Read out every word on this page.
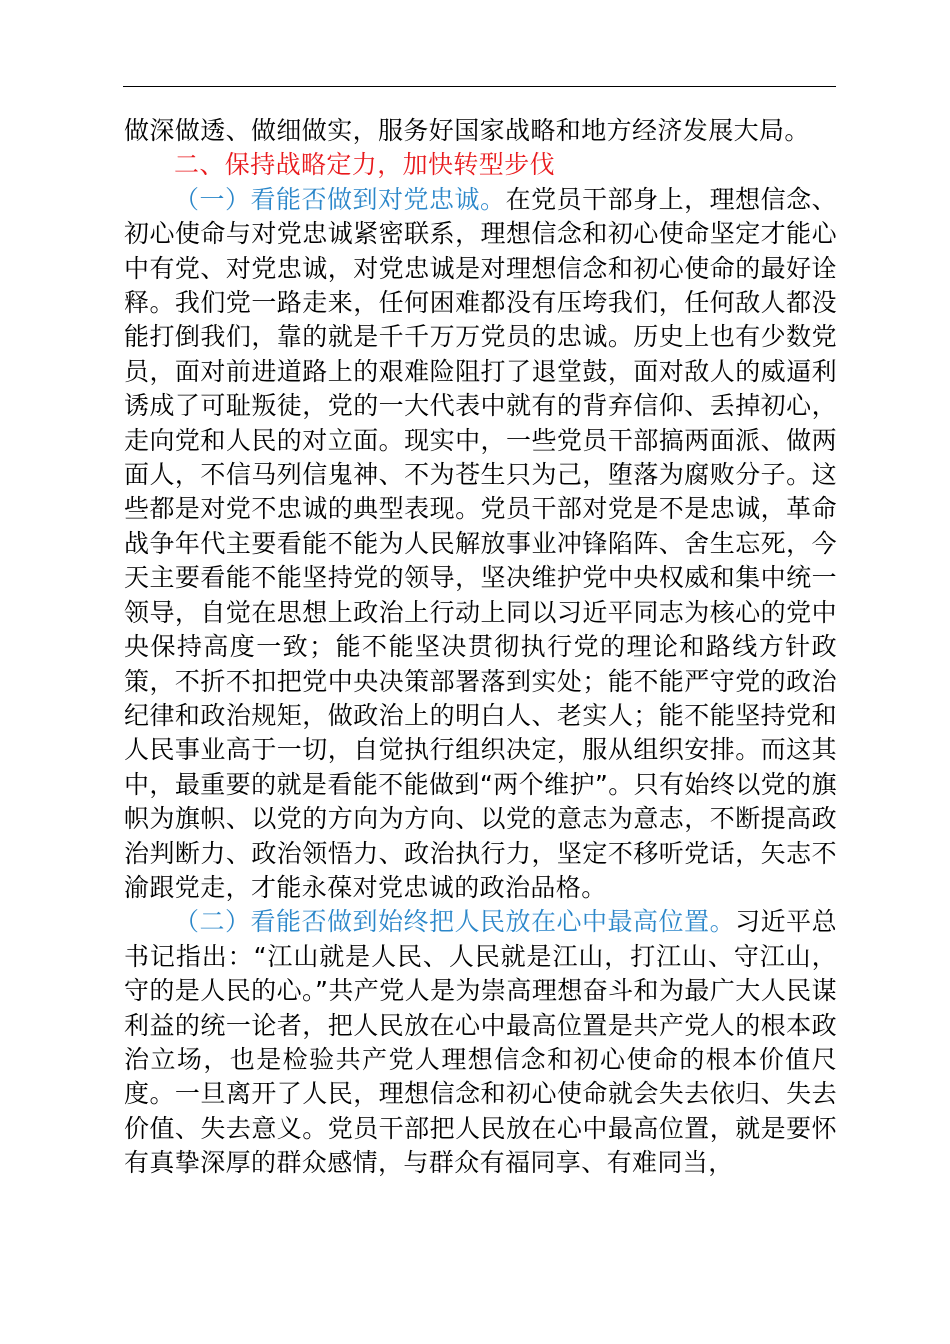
做深做透、做细做实，服务好国家战略和地方经济发展大局。

二、保持战略定力，加快转型步伐

（一）看能否做到对党忠诚。在党员干部身上，理想信念、初心使命与对党忠诚紧密联系，理想信念和初心使命坚定才能心中有党、对党忠诚，对党忠诚是对理想信念和初心使命的最好诠释。我们党一路走来，任何困难都没有压垮我们，任何敌人都没能打倒我们，靠的就是千千万万党员的忠诚。历史上也有少数党员，面对前进道路上的艰难险阻打了退堂鼓，面对敌人的威逼利诱成了可耻叛徒，党的一大代表中就有的背弃信仰、丢掉初心，走向党和人民的对立面。现实中，一些党员干部搞两面派、做两面人，不信马列信鬼神、不为苍生只为己，堕落为腐败分子。这些都是对党不忠诚的典型表现。党员干部对党是不是忠诚，革命战争年代主要看能不能为人民解放事业冲锋陷阵、舍生忘死，今天主要看能不能坚持党的领导，坚决维护党中央权威和集中统一领导，自觉在思想上政治上行动上同以习近平同志为核心的党中央保持高度一致；能不能坚决贯彻执行党的理论和路线方针政策，不折不扣把党中央决策部署落到实处；能不能严守党的政治纪律和政治规矩，做政治上的明白人、老实人；能不能坚持党和人民事业高于一切，自觉执行组织决定，服从组织安排。而这其中，最重要的就是看能不能做到“两个维护”。只有始终以党的旗帜为旗帜、以党的方向为方向、以党的意志为意志，不断提高政治判断力、政治领悟力、政治执行力，坚定不移听党话，矢志不渝跟党走，才能永葆对党忠诚的政治品格。

（二）看能否做到始终把人民放在心中最高位置。习近平总书记指出：“江山就是人民、人民就是江山，打江山、守江山，守的是人民的心。”共产党人是为崇高理想奋斗和为最广大人民谋利益的统一论者，把人民放在心中最高位置是共产党人的根本政治立场，也是检验共产党人理想信念和初心使命的根本价值尺度。一旦离开了人民，理想信念和初心使命就会失去依归、失去价值、失去意义。党员干部把人民放在心中最高位置，就是要怀有真挚深厚的群众感情，与群众有福同享、有难同当，
